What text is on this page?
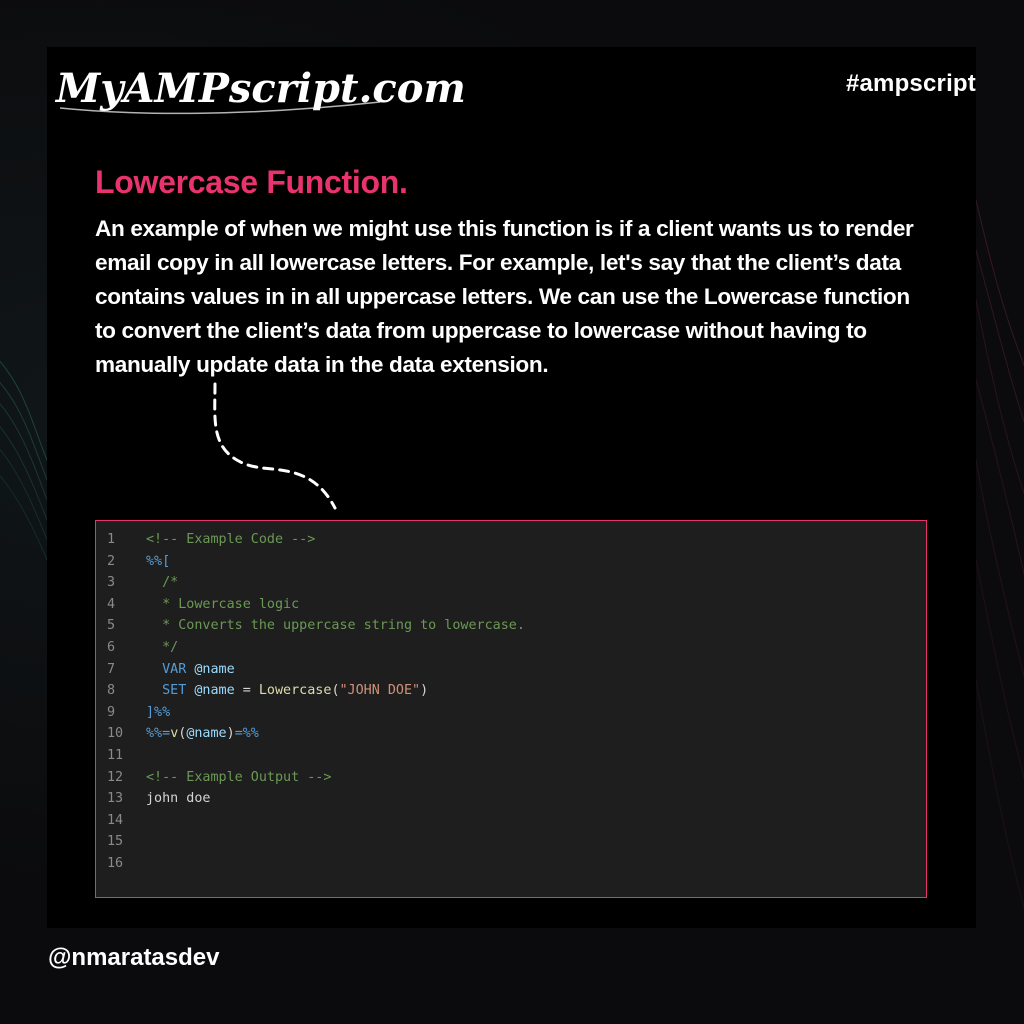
MyAMPscript.com	#ampscript
Lowercase Function.

An example of when we might use this function is if a client wants us to render email copy in all lowercase letters. For example, let's say that the client’s data contains values in in all uppercase letters. We can use the Lowercase function to convert the client’s data from uppercase to lowercase without having to manually update data in the data extension.

1	<!-- Example Code -->
2	%%[
3	/*
4	* Lowercase logic
5	* Converts the uppercase string to lowercase.
6	*/
7	VAR @name
8	SET @name = Lowercase("JOHN DOE")
9	]%%
10	%%=v(@name)=%%
11
12	<!-- Example Output -->
13	john doe
14
15
16
@nmaratasdev
